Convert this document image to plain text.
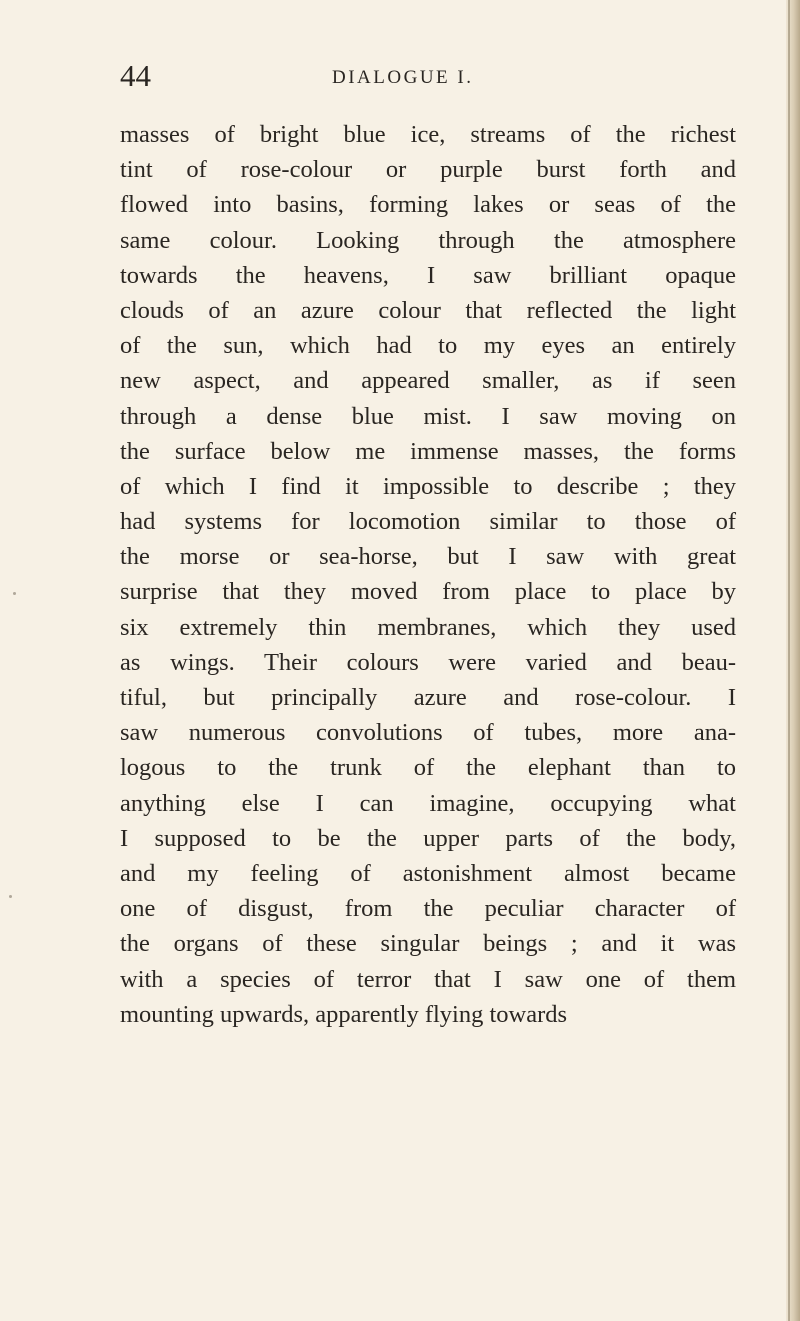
44	DIALOGUE I.
masses of bright blue ice, streams of the richest
tint of rose-colour or purple burst forth and
flowed into basins, forming lakes or seas of the
same colour. Looking through the atmosphere
towards the heavens, I saw brilliant opaque
clouds of an azure colour that reflected the light
of the sun, which had to my eyes an entirely
new aspect, and appeared smaller, as if seen
through a dense blue mist. I saw moving on
the surface below me immense masses, the forms
of which I find it impossible to describe ; they
had systems for locomotion similar to those of
the morse or sea-horse, but I saw with great
surprise that they moved from place to place by
six extremely thin membranes, which they used
as wings. Their colours were varied and beau-
tiful, but principally azure and rose-colour. I
saw numerous convolutions of tubes, more ana-
logous to the trunk of the elephant than to
anything else I can imagine, occupying what
I supposed to be the upper parts of the body,
and my feeling of astonishment almost became
one of disgust, from the peculiar character of
the organs of these singular beings ; and it was
with a species of terror that I saw one of them
mounting upwards, apparently flying towards
